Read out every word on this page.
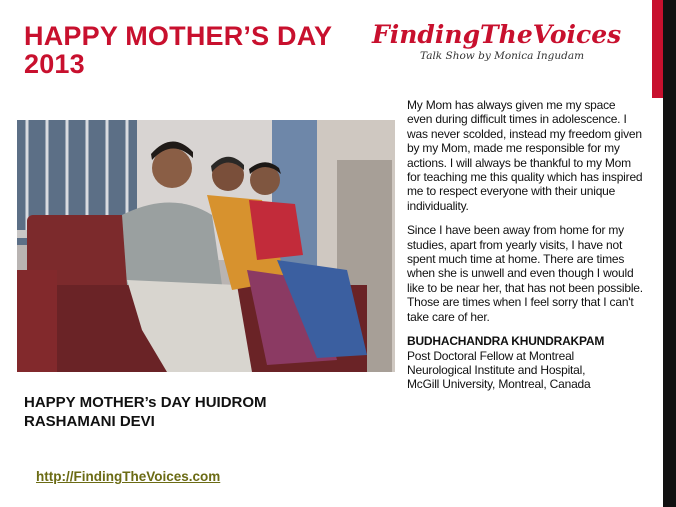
HAPPY MOTHER’S DAY
2013
FindingTheVoices
Talk Show by Monica Ingudam
HAPPY MOTHER’s DAY HUIDROM
RASHAMANI DEVI
http://FindingTheVoices.com

My Mom has always given me my space even during difficult times in adolescence. I was never scolded, instead my freedom given by my Mom, made me responsible for my actions. I will always be thankful to my Mom for teaching me this quality which has inspired me to respect everyone with their unique individuality.

Since I have been away from home for my studies, apart from yearly visits, I have not spent much time at home. There are times when she is unwell and even though I would like to be near her, that has not been possible. Those are times when I feel sorry that I can't take care of her.

BUDHACHANDRA KHUNDRAKPAM
Post Doctoral Fellow at Montreal
Neurological Institute and Hospital,
McGill University, Montreal, Canada
